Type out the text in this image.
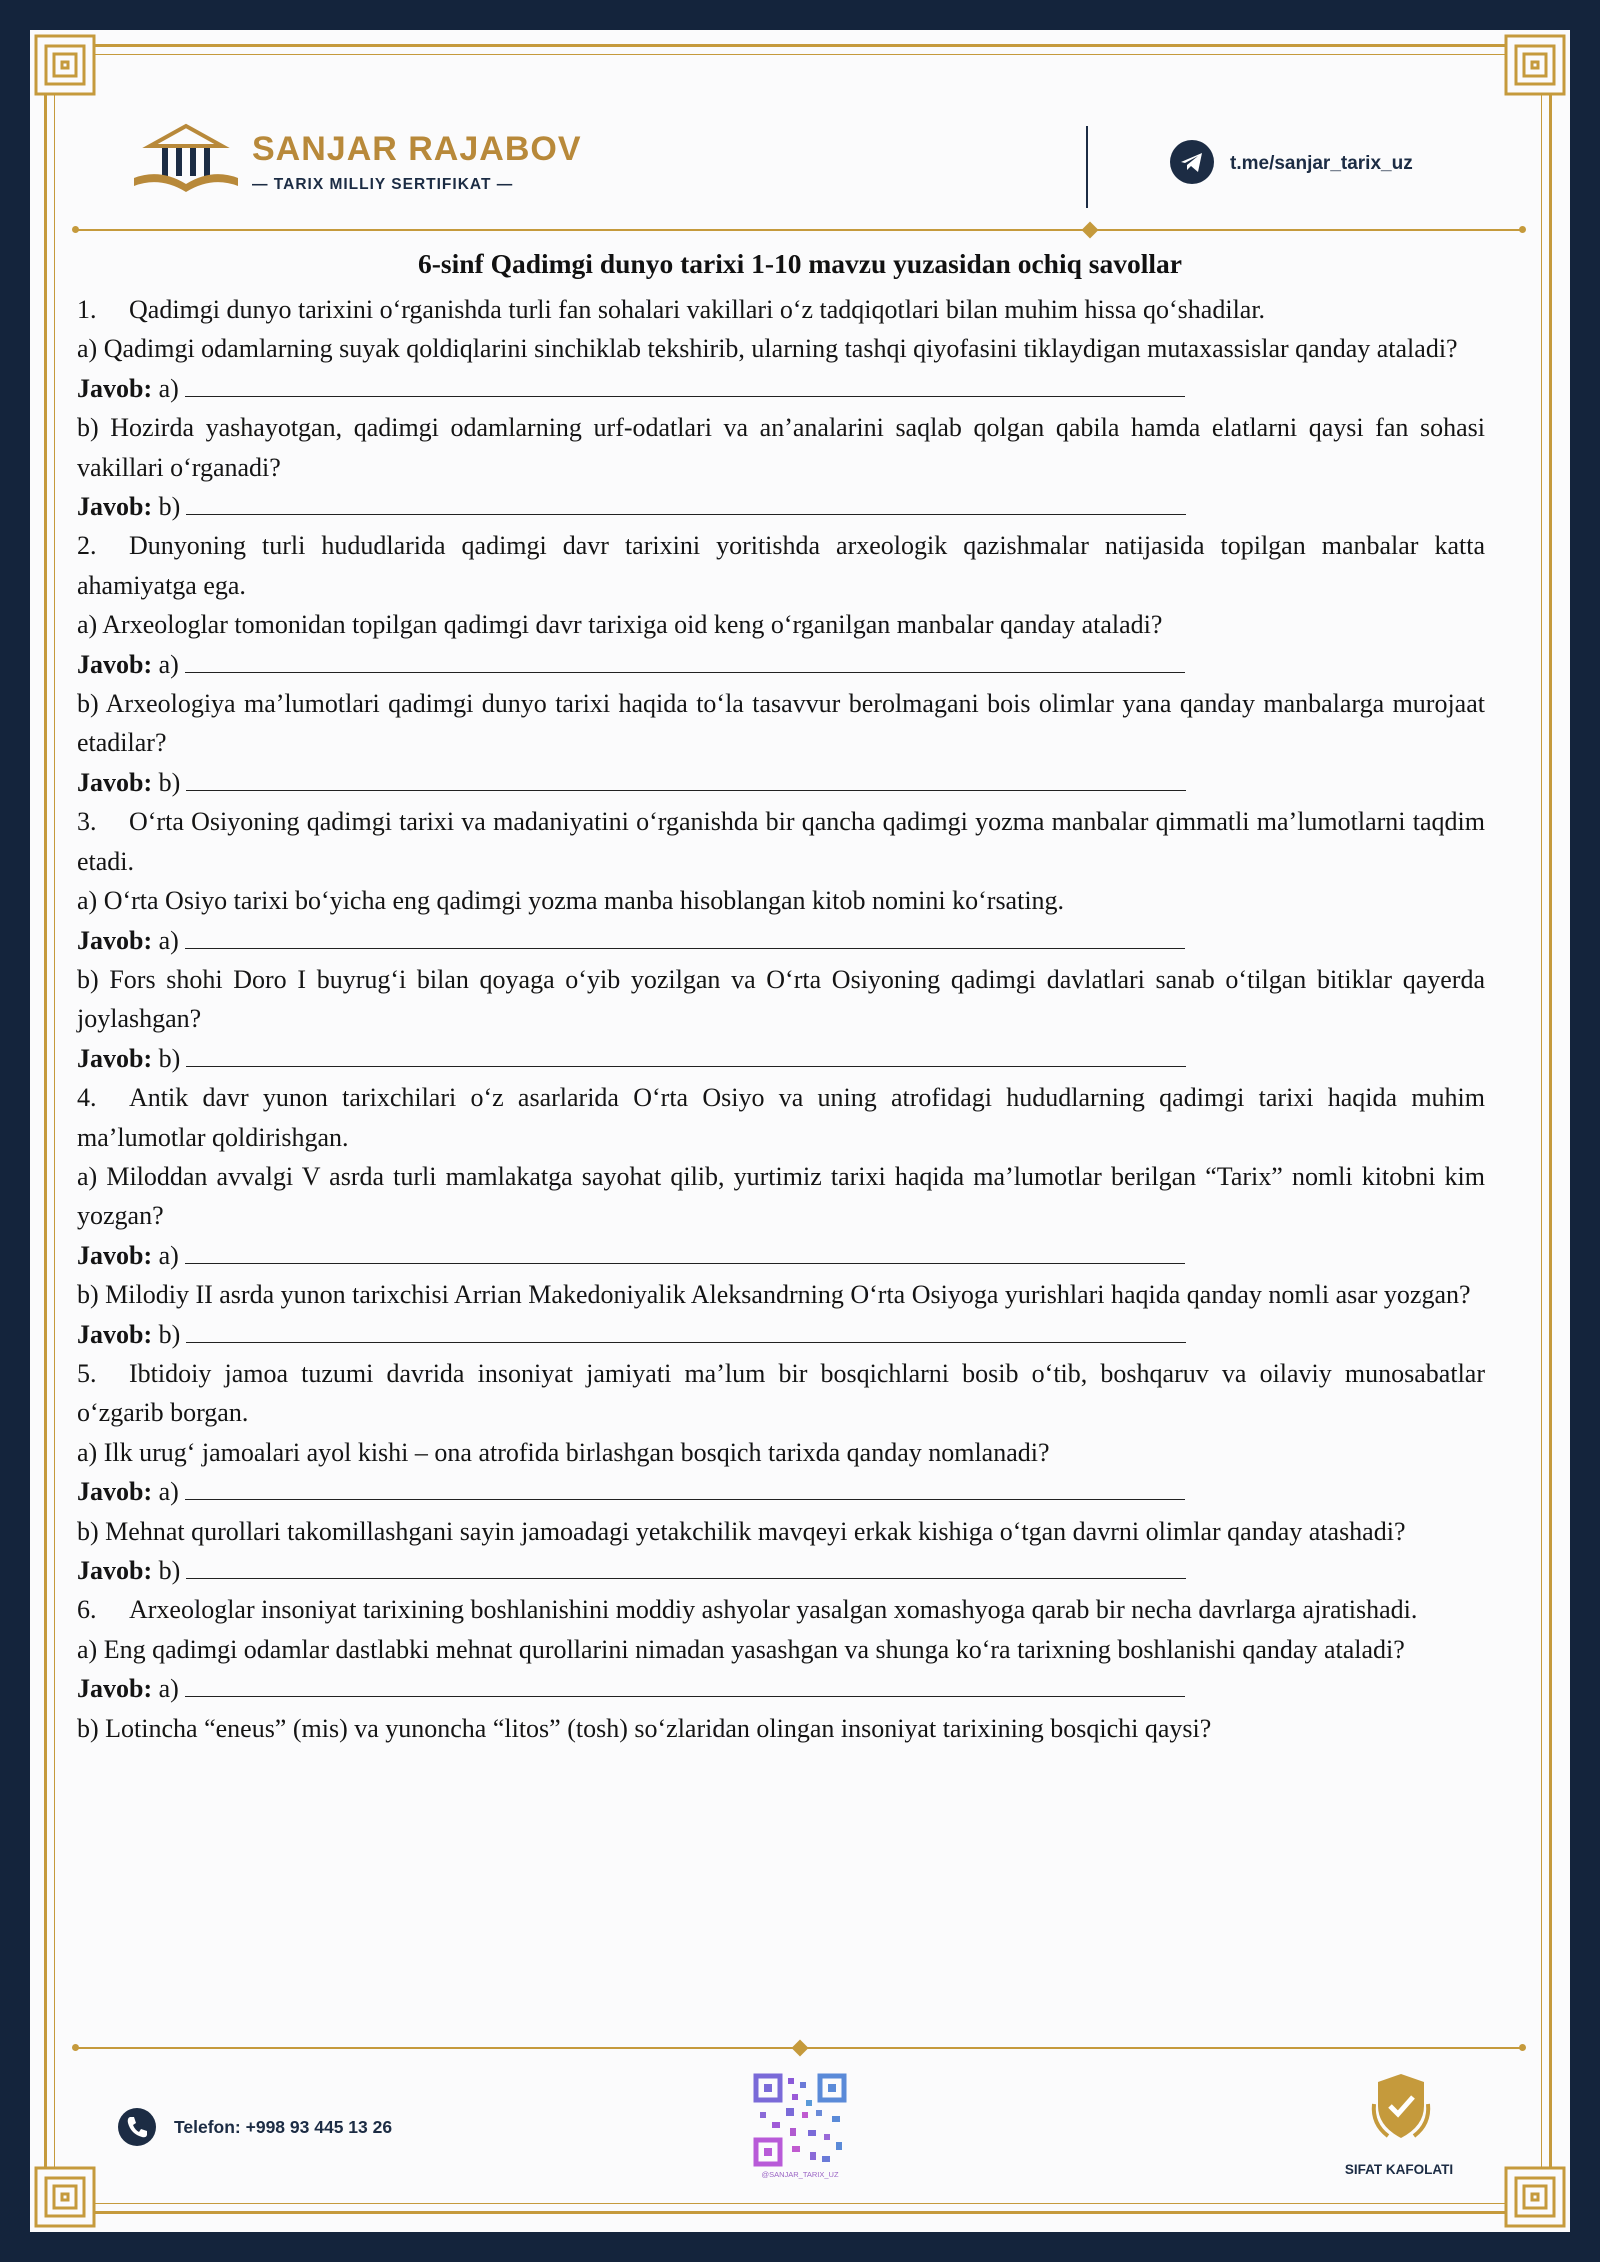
SANJAR RAJABOV
— TARIX MILLIY SERTIFIKAT —
t.me/sanjar_tarix_uz
6-sinf Qadimgi dunyo tarixi 1-10 mavzu yuzasidan ochiq savollar

1. Qadimgi dunyo tarixini o‘rganishda turli fan sohalari vakillari o‘z tadqiqotlari bilan muhim hissa qo‘shadilar.

a) Qadimgi odamlarning suyak qoldiqlarini sinchiklab tekshirib, ularning tashqi qiyofasini tiklaydigan mutaxassislar qanday ataladi?

Javob: a)

b) Hozirda yashayotgan, qadimgi odamlarning urf-odatlari va an’analarini saqlab qolgan qabila hamda elatlarni qaysi fan sohasi vakillari o‘rganadi?

Javob: b)

2. Dunyoning turli hududlarida qadimgi davr tarixini yoritishda arxeologik qazishmalar natijasida topilgan manbalar katta ahamiyatga ega.

a) Arxeologlar tomonidan topilgan qadimgi davr tarixiga oid keng o‘rganilgan manbalar qanday ataladi?

Javob: a)

b) Arxeologiya ma’lumotlari qadimgi dunyo tarixi haqida to‘la tasavvur berolmagani bois olimlar yana qanday manbalarga murojaat etadilar?

Javob: b)

3. O‘rta Osiyoning qadimgi tarixi va madaniyatini o‘rganishda bir qancha qadimgi yozma manbalar qimmatli ma’lumotlarni taqdim etadi.

a) O‘rta Osiyo tarixi bo‘yicha eng qadimgi yozma manba hisoblangan kitob nomini ko‘rsating.

Javob: a)

b) Fors shohi Doro I buyrug‘i bilan qoyaga o‘yib yozilgan va O‘rta Osiyoning qadimgi davlatlari sanab o‘tilgan bitiklar qayerda joylashgan?

Javob: b)

4. Antik davr yunon tarixchilari o‘z asarlarida O‘rta Osiyo va uning atrofidagi hududlarning qadimgi tarixi haqida muhim ma’lumotlar qoldirishgan.

a) Miloddan avvalgi V asrda turli mamlakatga sayohat qilib, yurtimiz tarixi haqida ma’lumotlar berilgan “Tarix” nomli kitobni kim yozgan?

Javob: a)

b) Milodiy II asrda yunon tarixchisi Arrian Makedoniyalik Aleksandrning O‘rta Osiyoga yurishlari haqida qanday nomli asar yozgan?

Javob: b)

5. Ibtidoiy jamoa tuzumi davrida insoniyat jamiyati ma’lum bir bosqichlarni bosib o‘tib, boshqaruv va oilaviy munosabatlar o‘zgarib borgan.

a) Ilk urug‘ jamoalari ayol kishi – ona atrofida birlashgan bosqich tarixda qanday nomlanadi?

Javob: a)

b) Mehnat qurollari takomillashgani sayin jamoadagi yetakchilik mavqeyi erkak kishiga o‘tgan davrni olimlar qanday atashadi?

Javob: b)

6. Arxeologlar insoniyat tarixining boshlanishini moddiy ashyolar yasalgan xomashyoga qarab bir necha davrlarga ajratishadi.

a) Eng qadimgi odamlar dastlabki mehnat qurollarini nimadan yasashgan va shunga ko‘ra tarixning boshlanishi qanday ataladi?

Javob: a)

b) Lotincha “eneus” (mis) va yunoncha “litos” (tosh) so‘zlaridan olingan insoniyat tarixining bosqichi qaysi?

Telefon: +998 93 445 13 26
@SANJAR_TARIX_UZ	SIFAT KAFOLATI
